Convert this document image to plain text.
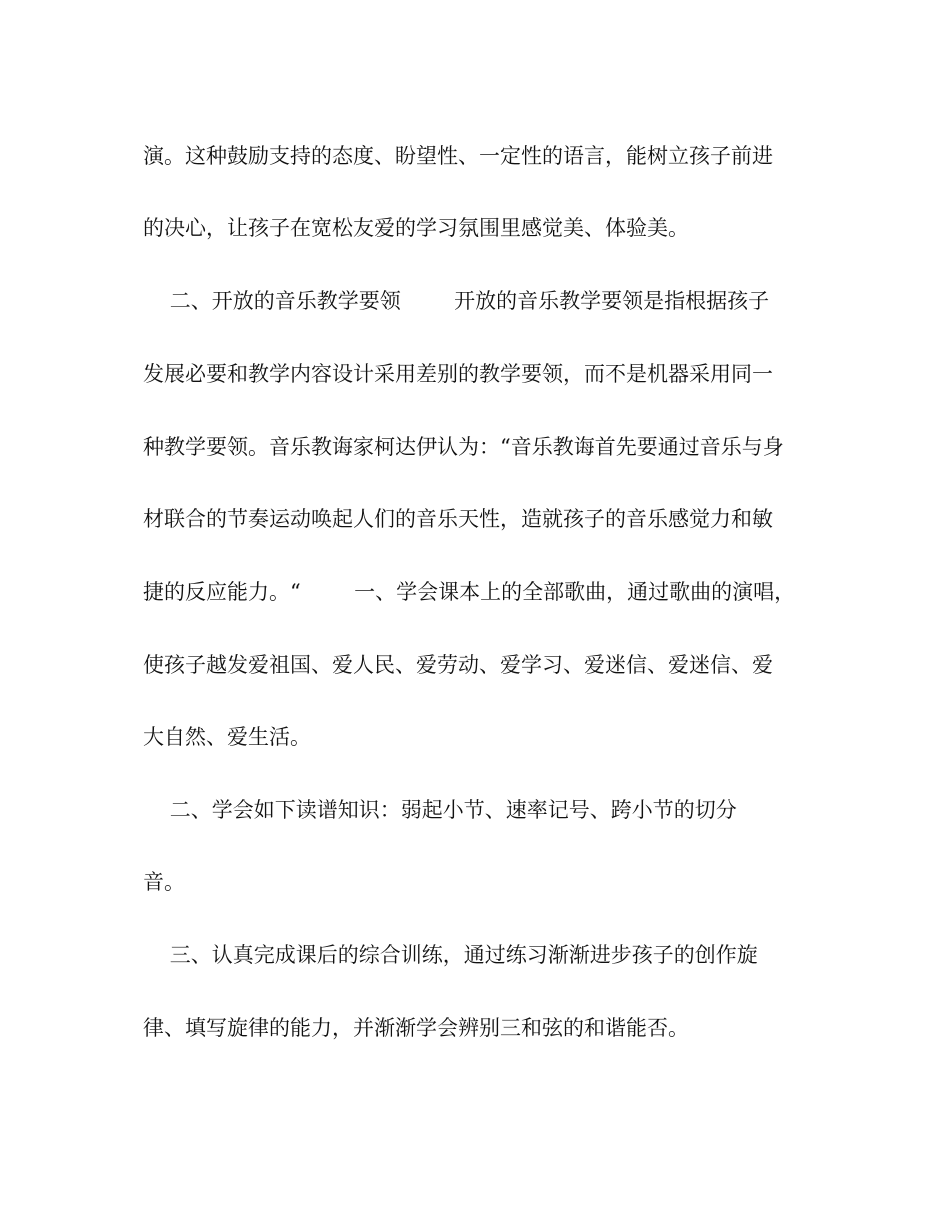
演。这种鼓励支持的态度、盼望性、一定性的语言，能树立孩子前进
的决心，让孩子在宽松友爱的学习氛围里感觉美、体验美。
二、开放的音乐教学要领        开放的音乐教学要领是指根据孩子
发展必要和教学内容设计采用差别的教学要领，而不是机器采用同一
种教学要领。音乐教诲家柯达伊认为：“音乐教诲首先要通过音乐与身
材联合的节奏运动唤起人们的音乐天性，造就孩子的音乐感觉力和敏
捷的反应能力。“        一、学会课本上的全部歌曲，通过歌曲的演唱，
使孩子越发爱祖国、爱人民、爱劳动、爱学习、爱迷信、爱迷信、爱
大自然、爱生活。
二、学会如下读谱知识：弱起小节、速率记号、跨小节的切分
音。
三、认真完成课后的综合训练，通过练习渐渐进步孩子的创作旋
律、填写旋律的能力，并渐渐学会辨别三和弦的和谐能否。
